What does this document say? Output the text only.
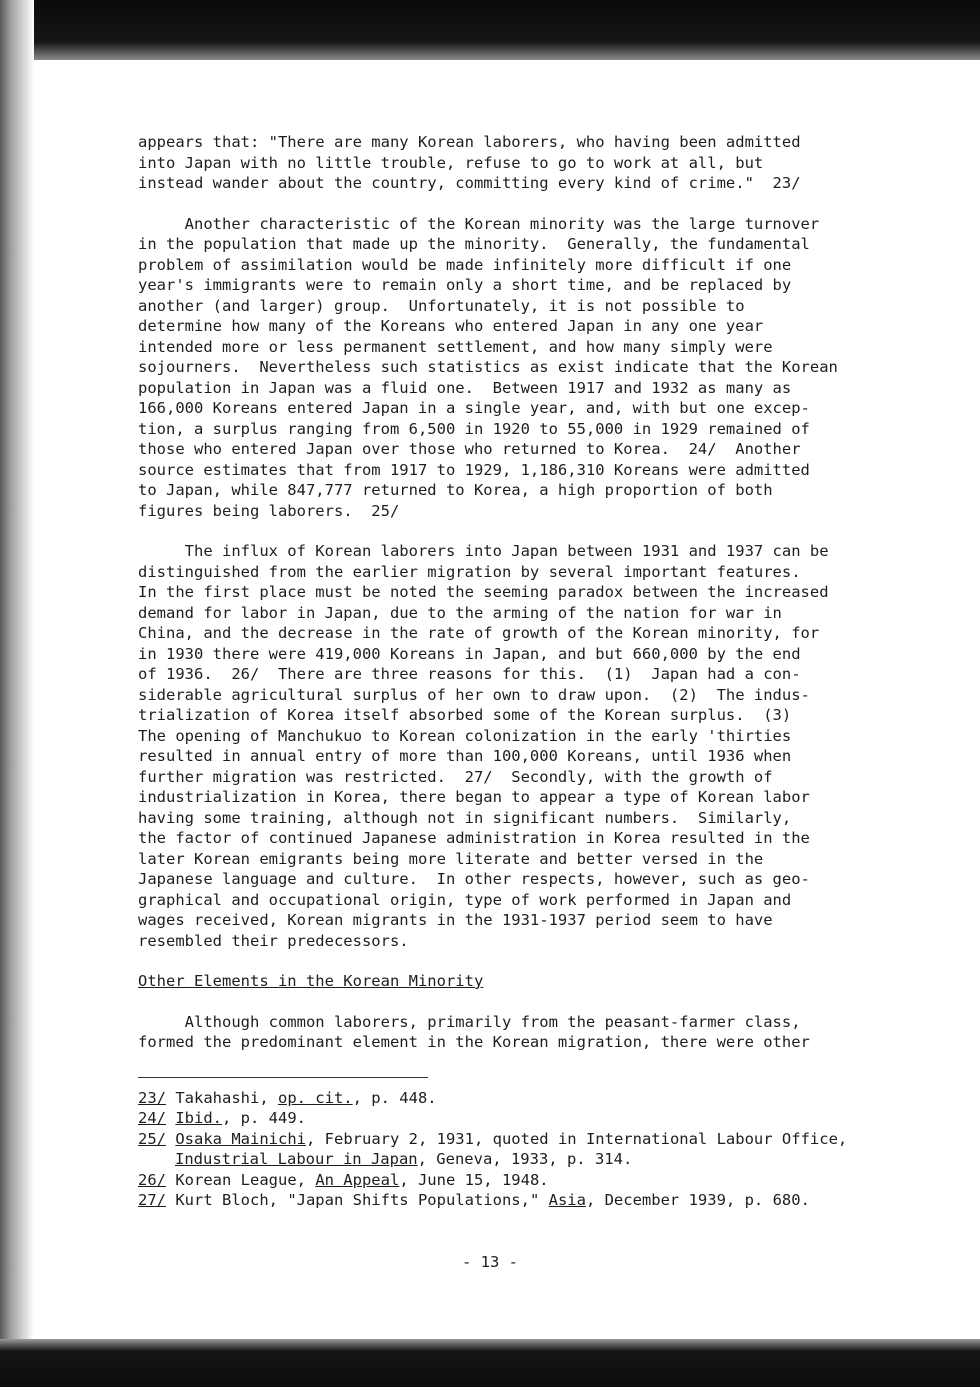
appears that: "There are many Korean laborers, who having been admitted

into Japan with no little trouble, refuse to go to work at all, but

instead wander about the country, committing every kind of crime."  23/

Another characteristic of the Korean minority was the large turnover

in the population that made up the minority.  Generally, the fundamental

problem of assimilation would be made infinitely more difficult if one

year's immigrants were to remain only a short time, and be replaced by

another (and larger) group.  Unfortunately, it is not possible to

determine how many of the Koreans who entered Japan in any one year

intended more or less permanent settlement, and how many simply were

sojourners.  Nevertheless such statistics as exist indicate that the Korean

population in Japan was a fluid one.  Between 1917 and 1932 as many as

166,000 Koreans entered Japan in a single year, and, with but one excep-

tion, a surplus ranging from 6,500 in 1920 to 55,000 in 1929 remained of

those who entered Japan over those who returned to Korea.  24/  Another

source estimates that from 1917 to 1929, 1,186,310 Koreans were admitted

to Japan, while 847,777 returned to Korea, a high proportion of both

figures being laborers.  25/

The influx of Korean laborers into Japan between 1931 and 1937 can be

distinguished from the earlier migration by several important features.

In the first place must be noted the seeming paradox between the increased

demand for labor in Japan, due to the arming of the nation for war in

China, and the decrease in the rate of growth of the Korean minority, for

in 1930 there were 419,000 Koreans in Japan, and but 660,000 by the end

of 1936.  26/  There are three reasons for this.  (1)  Japan had a con-

siderable agricultural surplus of her own to draw upon.  (2)  The indus-

trialization of Korea itself absorbed some of the Korean surplus.  (3)

The opening of Manchukuo to Korean colonization in the early 'thirties

resulted in annual entry of more than 100,000 Koreans, until 1936 when

further migration was restricted.  27/  Secondly, with the growth of

industrialization in Korea, there began to appear a type of Korean labor

having some training, although not in significant numbers.  Similarly,

the factor of continued Japanese administration in Korea resulted in the

later Korean emigrants being more literate and better versed in the

Japanese language and culture.  In other respects, however, such as geo-

graphical and occupational origin, type of work performed in Japan and

wages received, Korean migrants in the 1931-1937 period seem to have

resembled their predecessors.

Other Elements in the Korean Minority

Although common laborers, primarily from the peasant-farmer class,

formed the predominant element in the Korean migration, there were other

23/ Takahashi, op. cit., p. 448.

24/ Ibid., p. 449.

25/ Osaka Mainichi, February 2, 1931, quoted in International Labour Office,

Industrial Labour in Japan, Geneva, 1933, p. 314.

26/ Korean League, An Appeal, June 15, 1948.

27/ Kurt Bloch, "Japan Shifts Populations," Asia, December 1939, p. 680.

- 13 -
